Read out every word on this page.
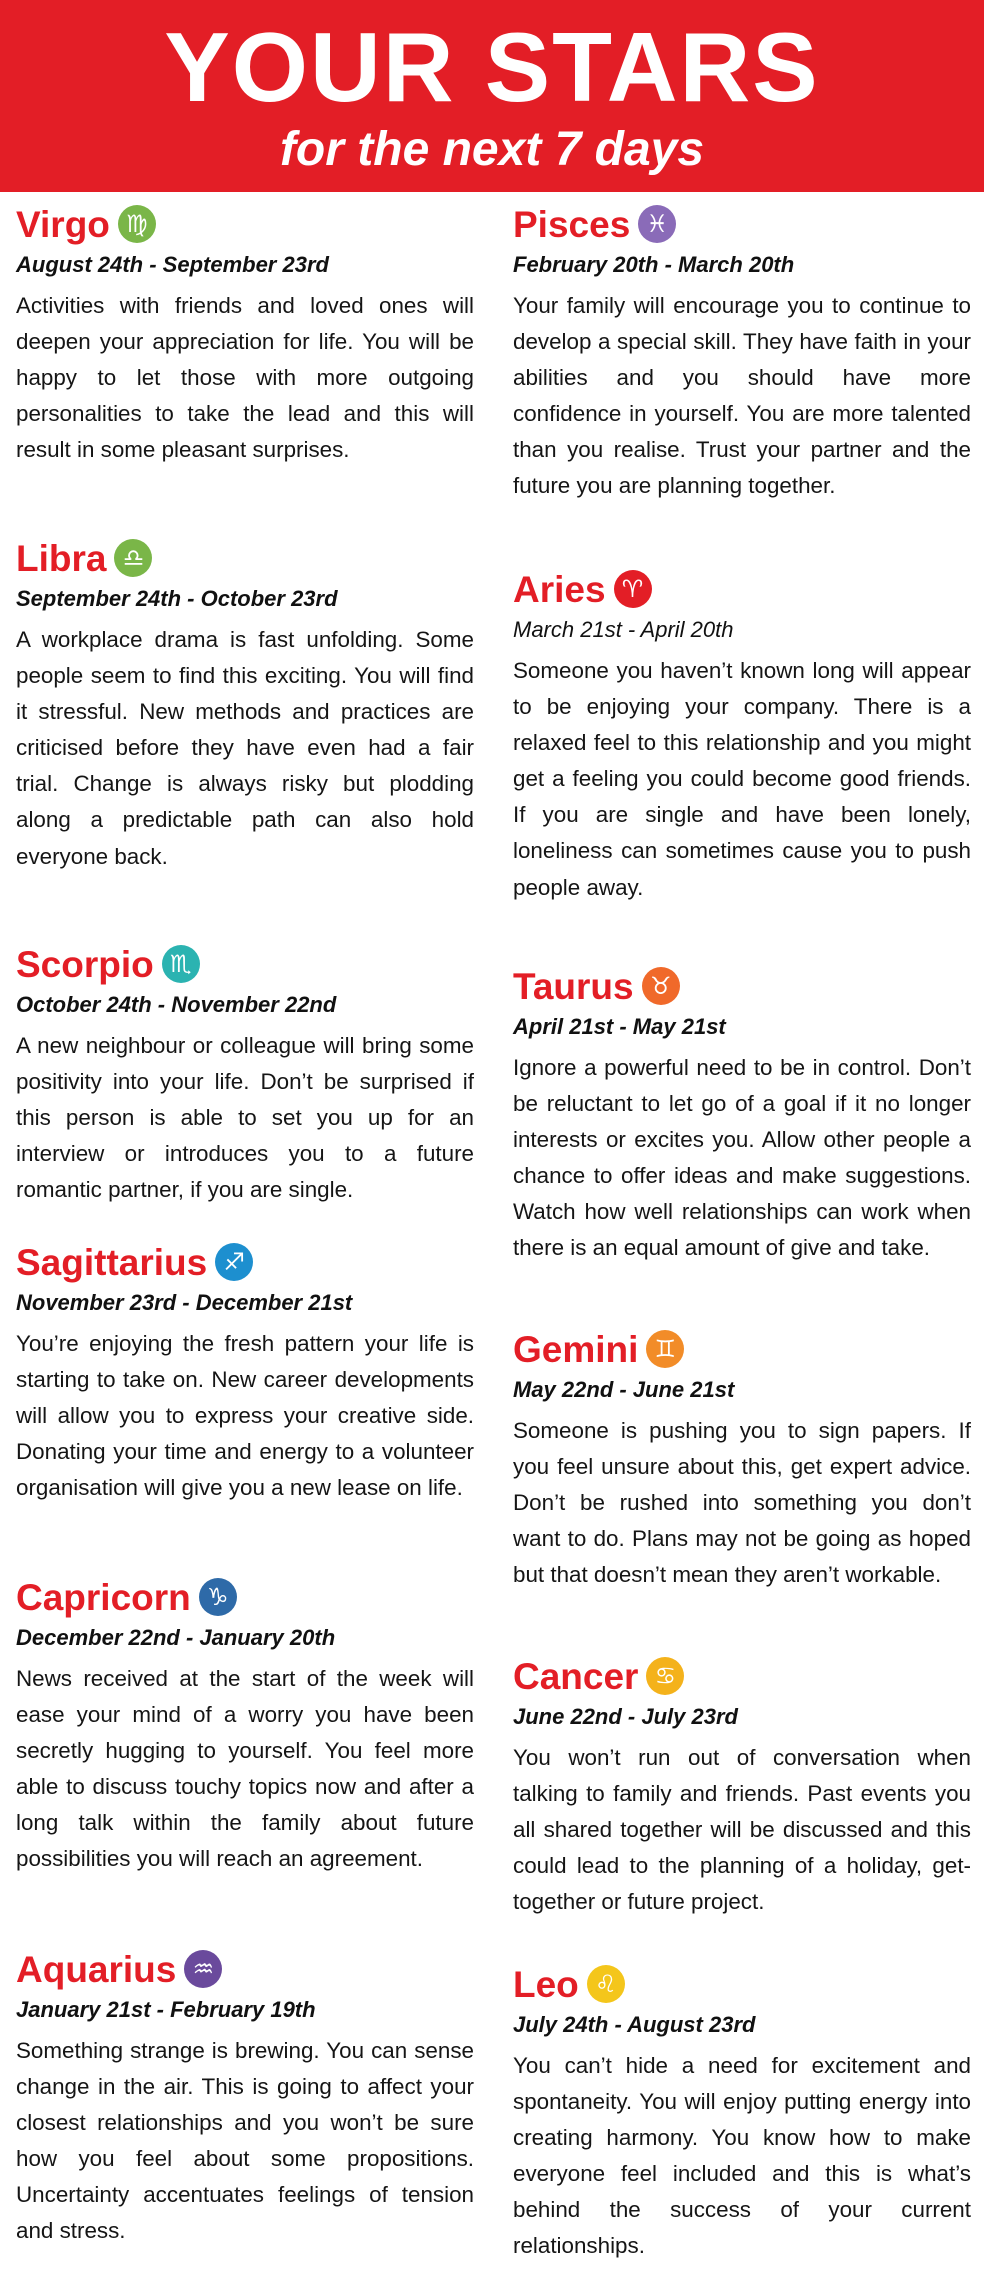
YOUR STARS
for the next 7 days
Virgo ♍
August 24th - September 23rd
Activities with friends and loved ones will deepen your appreciation for life. You will be happy to let those with more outgoing personalities to take the lead and this will result in some pleasant surprises.
Libra ♎
September 24th - October 23rd
A workplace drama is fast unfolding. Some people seem to find this exciting. You will find it stressful. New methods and practices are criticised before they have even had a fair trial. Change is always risky but plodding along a predictable path can also hold everyone back.
Scorpio ♏
October 24th - November 22nd
A new neighbour or colleague will bring some positivity into your life. Don’t be surprised if this person is able to set you up for an interview or introduces you to a future romantic partner, if you are single.
Sagittarius ♐
November 23rd - December 21st
You’re enjoying the fresh pattern your life is starting to take on. New career developments will allow you to express your creative side. Donating your time and energy to a volunteer organisation will give you a new lease on life.
Capricorn ♑
December 22nd - January 20th
News received at the start of the week will ease your mind of a worry you have been secretly hugging to yourself. You feel more able to discuss touchy topics now and after a long talk within the family about future possibilities you will reach an agreement.
Aquarius ♒
January 21st - February 19th
Something strange is brewing. You can sense change in the air. This is going to affect your closest relationships and you won’t be sure how you feel about some propositions. Uncertainty accentuates feelings of tension and stress.
Pisces ♓
February 20th - March 20th
Your family will encourage you to continue to develop a special skill. They have faith in your abilities and you should have more confidence in yourself. You are more talented than you realise. Trust your partner and the future you are planning together.
Aries ♈
March 21st - April 20th
Someone you haven’t known long will appear to be enjoying your company. There is a relaxed feel to this relationship and you might get a feeling you could become good friends. If you are single and have been lonely, loneliness can sometimes cause you to push people away.
Taurus ♉
April 21st - May 21st
Ignore a powerful need to be in control. Don’t be reluctant to let go of a goal if it no longer interests or excites you. Allow other people a chance to offer ideas and make suggestions. Watch how well relationships can work when there is an equal amount of give and take.
Gemini ♊
May 22nd - June 21st
Someone is pushing you to sign papers. If you feel unsure about this, get expert advice. Don’t be rushed into something you don’t want to do. Plans may not be going as hoped but that doesn’t mean they aren’t workable.
Cancer ♋
June 22nd - July 23rd
You won’t run out of conversation when talking to family and friends. Past events you all shared together will be discussed and this could lead to the planning of a holiday, get-together or future project.
Leo ♌
July 24th - August 23rd
You can’t hide a need for excitement and spontaneity. You will enjoy putting energy into creating harmony. You know how to make everyone feel included and this is what’s behind the success of your current relationships.
